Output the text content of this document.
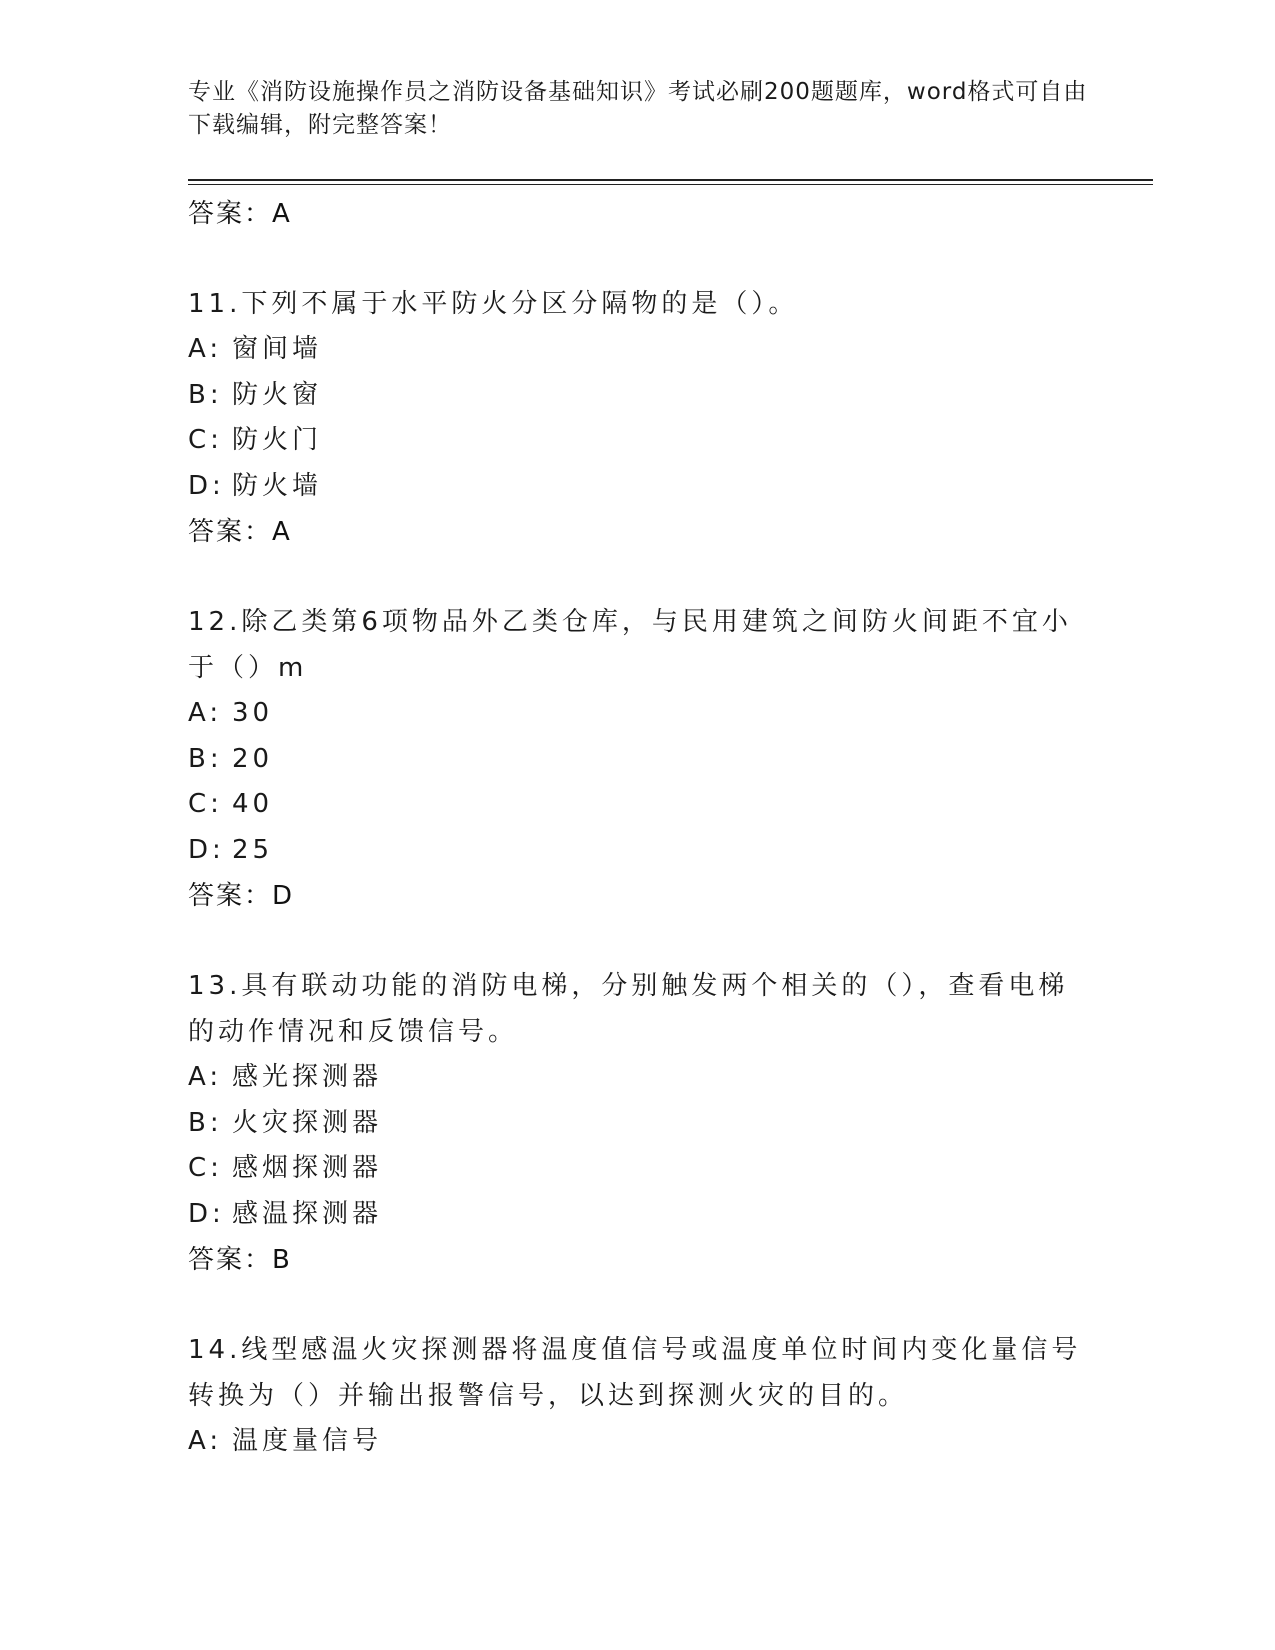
专业《消防设施操作员之消防设备基础知识》考试必刷200题题库，word格式可自由下载编辑，附完整答案！
答案：A
11.下列不属于水平防火分区分隔物的是（）。
A: 窗间墙
B: 防火窗
C: 防火门
D: 防火墙
答案：A
12.除乙类第6项物品外乙类仓库，与民用建筑之间防火间距不宜小于（）m
A: 30
B: 20
C: 40
D: 25
答案：D
13.具有联动功能的消防电梯，分别触发两个相关的（），查看电梯的动作情况和反馈信号。
A: 感光探测器
B: 火灾探测器
C: 感烟探测器
D: 感温探测器
答案：B
14.线型感温火灾探测器将温度值信号或温度单位时间内变化量信号转换为（）并输出报警信号，以达到探测火灾的目的。
A: 温度量信号
